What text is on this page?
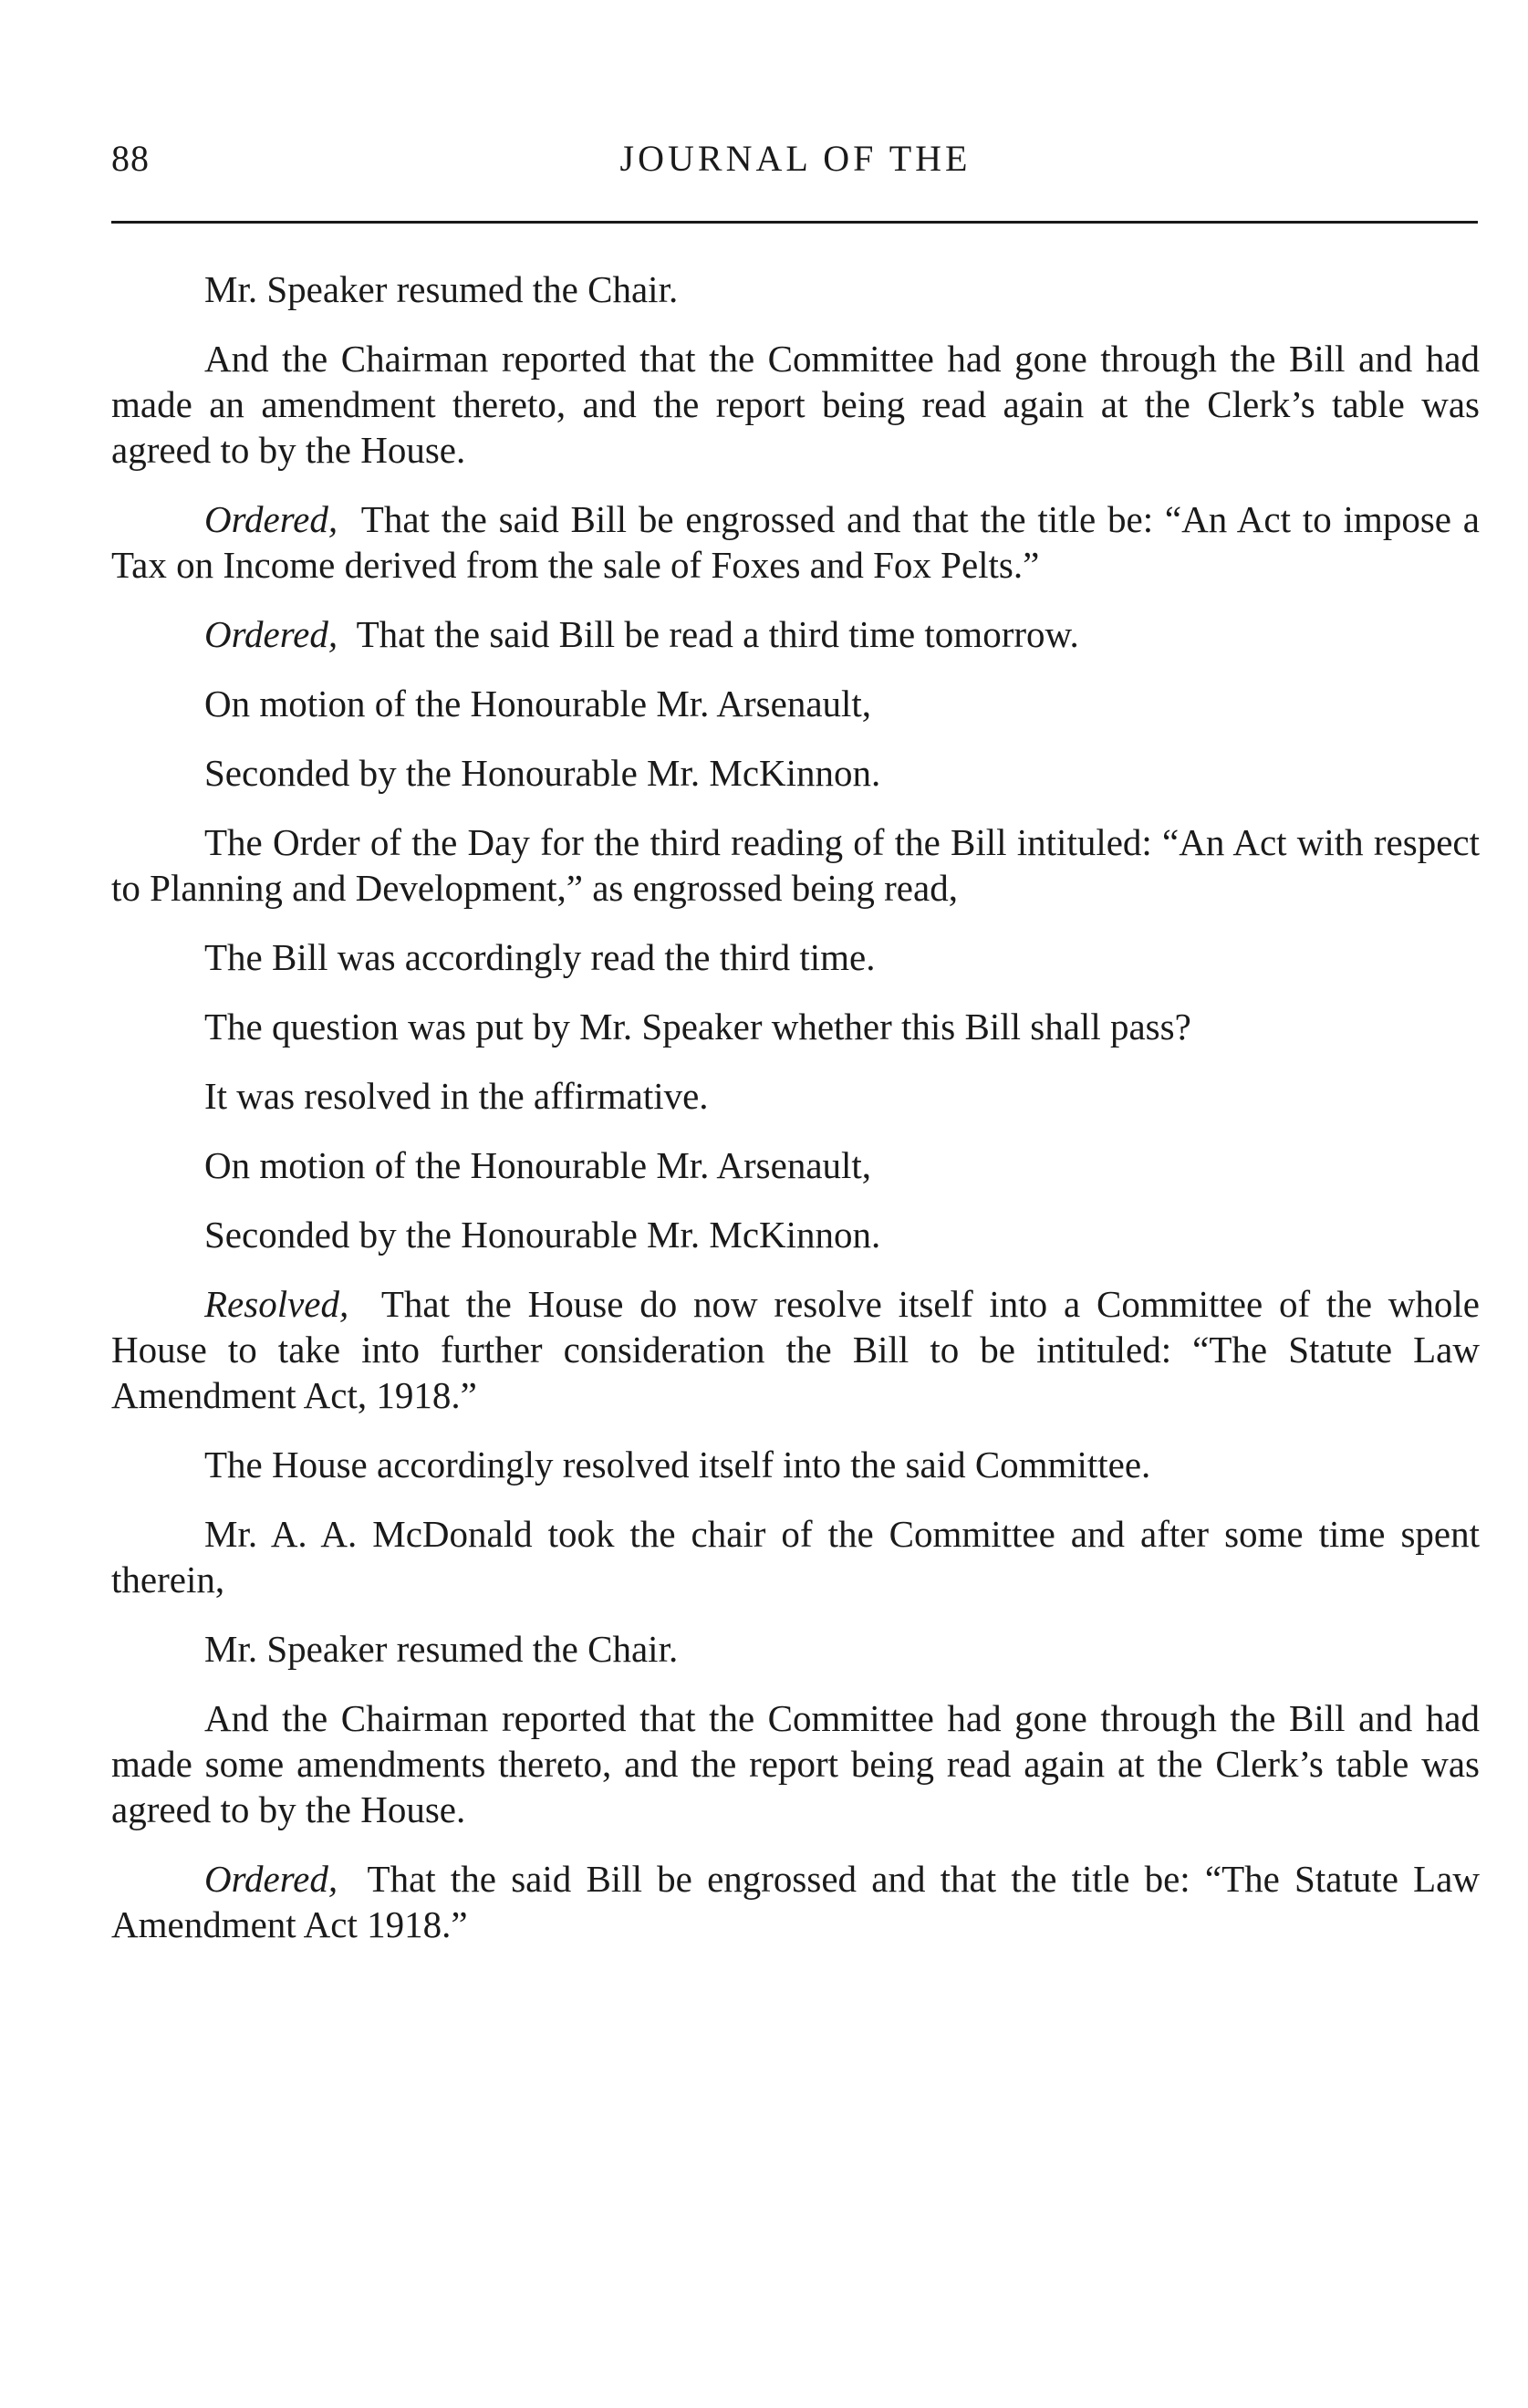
JOURNAL OF THE
88

Mr. Speaker resumed the Chair.

And the Chairman reported that the Committee had gone through the Bill and had made an amendment thereto, and the report being read again at the Clerk’s table was agreed to by the House.

Ordered, That the said Bill be engrossed and that the title be: “An Act to impose a Tax on Income derived from the sale of Foxes and Fox Pelts.”

Ordered, That the said Bill be read a third time tomorrow.

On motion of the Honourable Mr. Arsenault,

Seconded by the Honourable Mr. McKinnon.

The Order of the Day for the third reading of the Bill intituled: “An Act with respect to Planning and Development,” as engrossed being read,

The Bill was accordingly read the third time.

The question was put by Mr. Speaker whether this Bill shall pass?

It was resolved in the affirmative.

On motion of the Honourable Mr. Arsenault,

Seconded by the Honourable Mr. McKinnon.

Resolved, That the House do now resolve itself into a Committee of the whole House to take into further consideration the Bill to be intituled: “The Statute Law Amendment Act, 1918.”

The House accordingly resolved itself into the said Committee.

Mr. A. A. McDonald took the chair of the Committee and after some time spent therein,

Mr. Speaker resumed the Chair.

And the Chairman reported that the Committee had gone through the Bill and had made some amendments thereto, and the report being read again at the Clerk’s table was agreed to by the House.

Ordered, That the said Bill be engrossed and that the title be: “The Statute Law Amendment Act 1918.”
